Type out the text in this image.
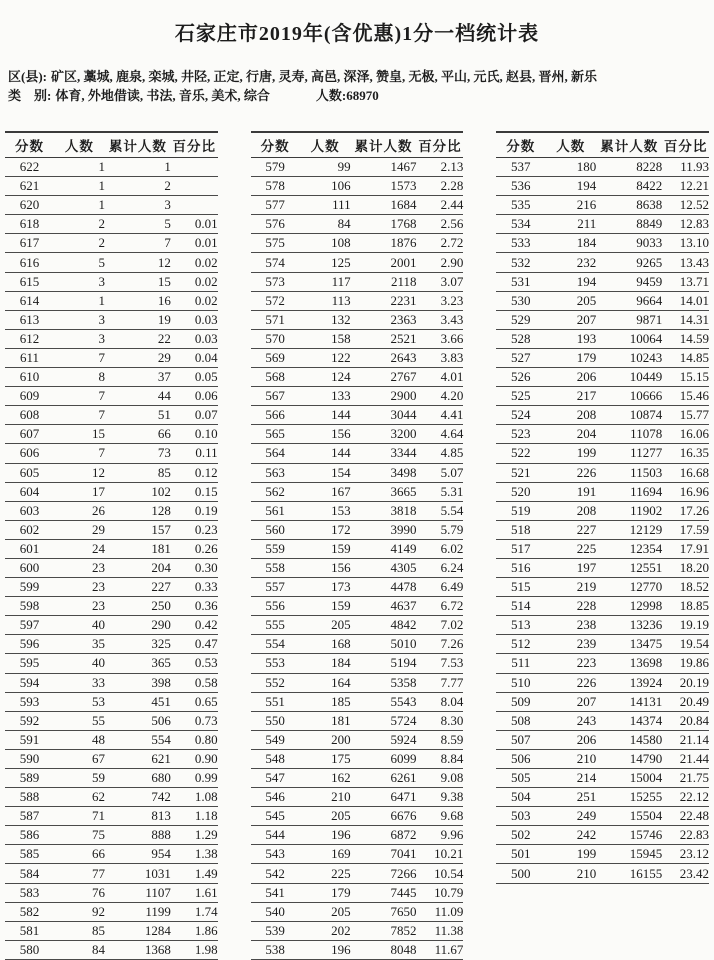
石家庄市2019年(含优惠)1分一档统计表
区(县): 矿区, 藁城, 鹿泉, 栾城, 井陉, 正定, 行唐, 灵寿, 高邑, 深泽, 赞皇, 无极, 平山, 元氏, 赵县, 晋州, 新乐
类　别: 体育, 外地借读, 书法, 音乐, 美术, 综合	人数:68970
分数	人数	累计人数	百分比
622	1	1	
621	1	2	
620	1	3	
618	2	5	0.01
617	2	7	0.01
616	5	12	0.02
615	3	15	0.02
614	1	16	0.02
613	3	19	0.03
612	3	22	0.03
611	7	29	0.04
610	8	37	0.05
609	7	44	0.06
608	7	51	0.07
607	15	66	0.10
606	7	73	0.11
605	12	85	0.12
604	17	102	0.15
603	26	128	0.19
602	29	157	0.23
601	24	181	0.26
600	23	204	0.30
599	23	227	0.33
598	23	250	0.36
597	40	290	0.42
596	35	325	0.47
595	40	365	0.53
594	33	398	0.58
593	53	451	0.65
592	55	506	0.73
591	48	554	0.80
590	67	621	0.90
589	59	680	0.99
588	62	742	1.08
587	71	813	1.18
586	75	888	1.29
585	66	954	1.38
584	77	1031	1.49
583	76	1107	1.61
582	92	1199	1.74
581	85	1284	1.86
580	84	1368	1.98
分数	人数	累计人数	百分比
579	99	1467	2.13
578	106	1573	2.28
577	111	1684	2.44
576	84	1768	2.56
575	108	1876	2.72
574	125	2001	2.90
573	117	2118	3.07
572	113	2231	3.23
571	132	2363	3.43
570	158	2521	3.66
569	122	2643	3.83
568	124	2767	4.01
567	133	2900	4.20
566	144	3044	4.41
565	156	3200	4.64
564	144	3344	4.85
563	154	3498	5.07
562	167	3665	5.31
561	153	3818	5.54
560	172	3990	5.79
559	159	4149	6.02
558	156	4305	6.24
557	173	4478	6.49
556	159	4637	6.72
555	205	4842	7.02
554	168	5010	7.26
553	184	5194	7.53
552	164	5358	7.77
551	185	5543	8.04
550	181	5724	8.30
549	200	5924	8.59
548	175	6099	8.84
547	162	6261	9.08
546	210	6471	9.38
545	205	6676	9.68
544	196	6872	9.96
543	169	7041	10.21
542	225	7266	10.54
541	179	7445	10.79
540	205	7650	11.09
539	202	7852	11.38
538	196	8048	11.67
分数	人数	累计人数	百分比
537	180	8228	11.93
536	194	8422	12.21
535	216	8638	12.52
534	211	8849	12.83
533	184	9033	13.10
532	232	9265	13.43
531	194	9459	13.71
530	205	9664	14.01
529	207	9871	14.31
528	193	10064	14.59
527	179	10243	14.85
526	206	10449	15.15
525	217	10666	15.46
524	208	10874	15.77
523	204	11078	16.06
522	199	11277	16.35
521	226	11503	16.68
520	191	11694	16.96
519	208	11902	17.26
518	227	12129	17.59
517	225	12354	17.91
516	197	12551	18.20
515	219	12770	18.52
514	228	12998	18.85
513	238	13236	19.19
512	239	13475	19.54
511	223	13698	19.86
510	226	13924	20.19
509	207	14131	20.49
508	243	14374	20.84
507	206	14580	21.14
506	210	14790	21.44
505	214	15004	21.75
504	251	15255	22.12
503	249	15504	22.48
502	242	15746	22.83
501	199	15945	23.12
500	210	16155	23.42
